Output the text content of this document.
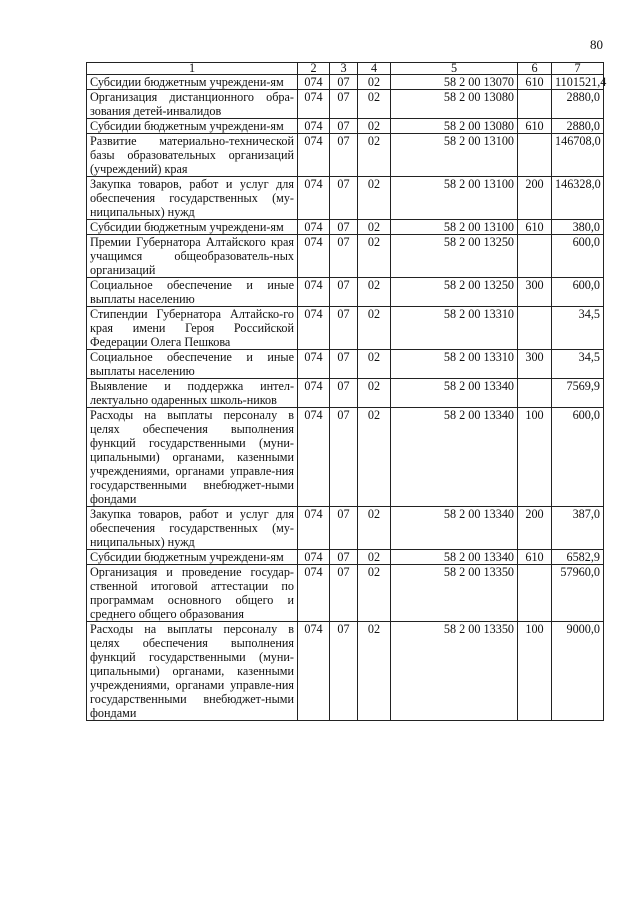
80
1	2	3	4	5	6	7
Субсидии бюджетным учреждени-ям	074	07	02	58 2 00 13070	610	1101521,4
Организация дистанционного обра-зования детей-инвалидов	074	07	02	58 2 00 13080		2880,0
Субсидии бюджетным учреждени-ям	074	07	02	58 2 00 13080	610	2880,0
Развитие материально-технической базы образовательных организаций (учреждений) края	074	07	02	58 2 00 13100		146708,0
Закупка товаров, работ и услуг для обеспечения государственных (му-ниципальных) нужд	074	07	02	58 2 00 13100	200	146328,0
Субсидии бюджетным учреждени-ям	074	07	02	58 2 00 13100	610	380,0
Премии Губернатора Алтайского края учащимся общеобразователь-ных организаций	074	07	02	58 2 00 13250		600,0
Социальное обеспечение и иные выплаты населению	074	07	02	58 2 00 13250	300	600,0
Стипендии Губернатора Алтайско-го края имени Героя Российской Федерации Олега Пешкова	074	07	02	58 2 00 13310		34,5
Социальное обеспечение и иные выплаты населению	074	07	02	58 2 00 13310	300	34,5
Выявление и поддержка интел-лектуально одаренных школь-ников	074	07	02	58 2 00 13340		7569,9
Расходы на выплаты персоналу в целях обеспечения выполнения функций государственными (муни-ципальными) органами, казенными учреждениями, органами управле-ния государственными внебюджет-ными фондами	074	07	02	58 2 00 13340	100	600,0
Закупка товаров, работ и услуг для обеспечения государственных (му-ниципальных) нужд	074	07	02	58 2 00 13340	200	387,0
Субсидии бюджетным учреждени-ям	074	07	02	58 2 00 13340	610	6582,9
Организация и проведение государ-ственной итоговой аттестации по программам основного общего и среднего общего образования	074	07	02	58 2 00 13350		57960,0
Расходы на выплаты персоналу в целях обеспечения выполнения функций государственными (муни-ципальными) органами, казенными учреждениями, органами управле-ния государственными внебюджет-ными фондами	074	07	02	58 2 00 13350	100	9000,0
